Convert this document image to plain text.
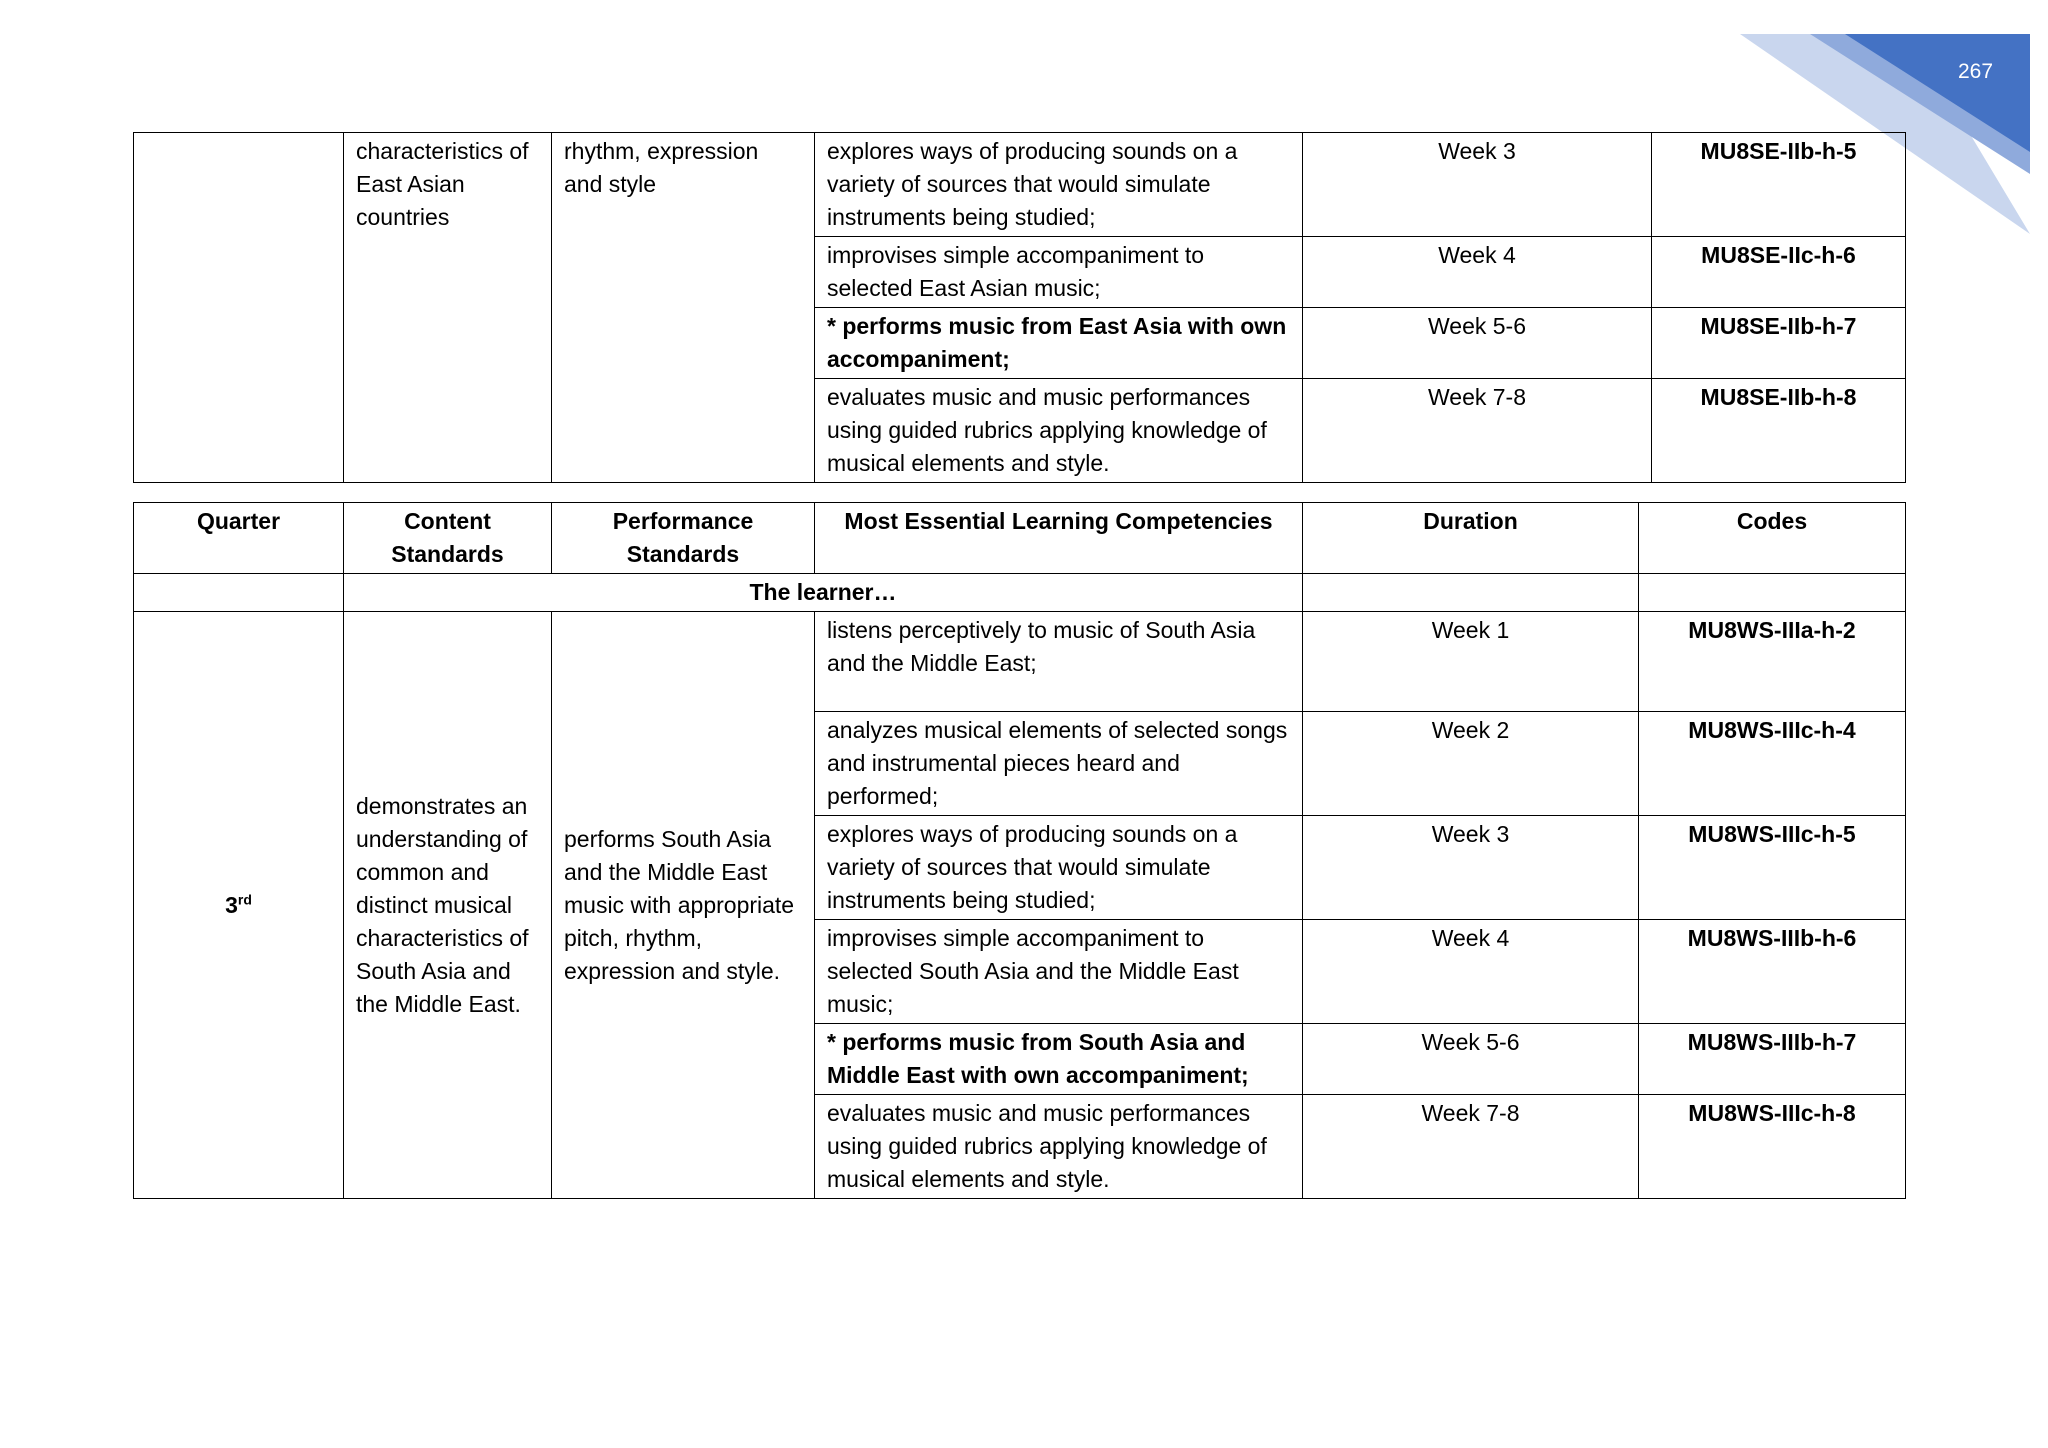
267
	characteristics of East Asian countries	rhythm, expression and style	explores ways of producing sounds on a variety of sources that would simulate instruments being studied;	Week 3	MU8SE-IIb-h-5
			improvises simple accompaniment to selected East Asian music;	Week 4	MU8SE-IIc-h-6
			* performs music from East Asia with own accompaniment;	Week 5-6	MU8SE-IIb-h-7
			evaluates music and music performances using guided rubrics applying knowledge of musical elements and style.	Week 7-8	MU8SE-IIb-h-8
Quarter	Content Standards	Performance Standards	Most Essential Learning Competencies	Duration	Codes
	The learner…				
3rd	demonstrates an understanding of common and distinct musical characteristics of South Asia and the Middle East.	performs South Asia and the Middle East music with appropriate pitch, rhythm, expression and style.	listens perceptively to music of South Asia and the Middle East;	Week 1	MU8WS-IIIa-h-2
			analyzes musical elements of selected songs and instrumental pieces heard and performed;	Week 2	MU8WS-IIIc-h-4
			explores ways of producing sounds on a variety of sources that would simulate instruments being studied;	Week 3	MU8WS-IIIc-h-5
			improvises simple accompaniment to selected South Asia and the Middle East music;	Week 4	MU8WS-IIIb-h-6
			* performs music from South Asia and Middle East with own accompaniment;	Week 5-6	MU8WS-IIIb-h-7
			evaluates music and music performances using guided rubrics applying knowledge of musical elements and style.	Week 7-8	MU8WS-IIIc-h-8
